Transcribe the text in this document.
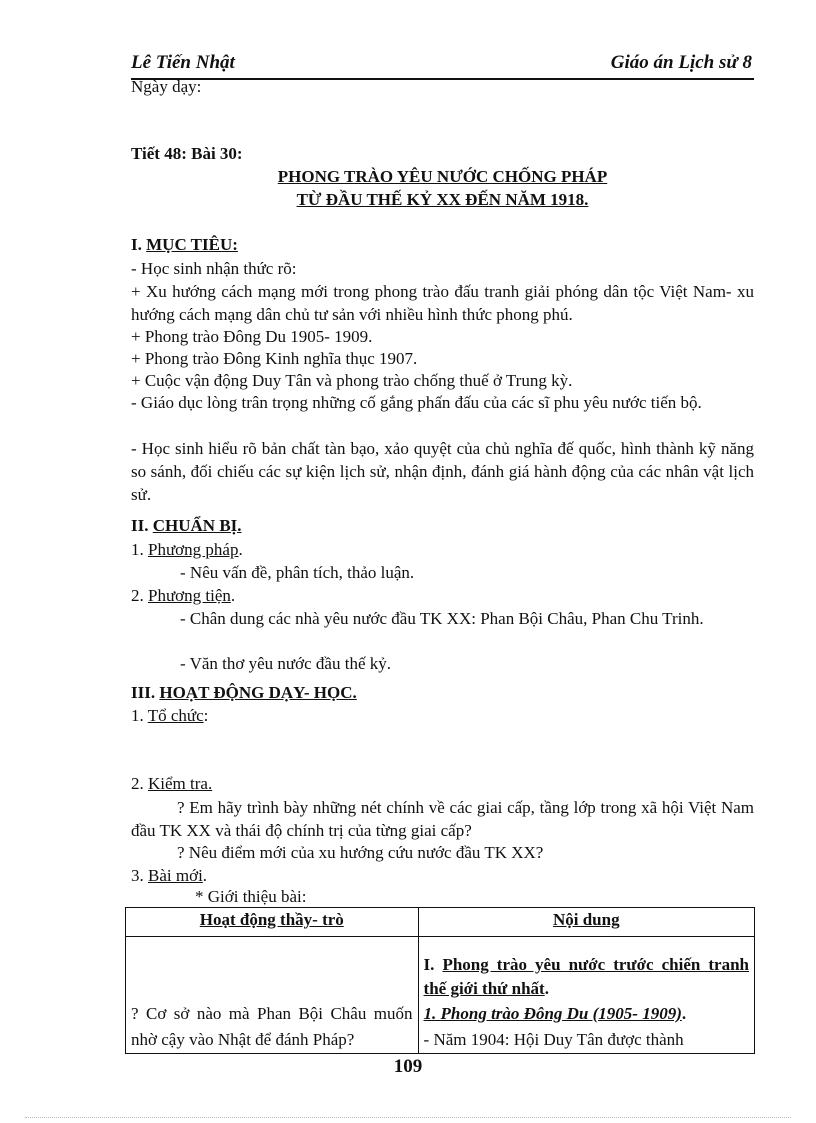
Lê Tiến Nhật	Giáo án Lịch sử 8
Ngày dạy:
Tiết 48: Bài 30:
PHONG TRÀO YÊU NƯỚC CHỐNG PHÁP
TỪ ĐẦU THẾ KỶ XX ĐẾN NĂM 1918.
I. MỤC TIÊU:
- Học sinh nhận thức rõ:
+ Xu hướng cách mạng mới trong phong trào đấu tranh giải phóng dân tộc Việt Nam- xu hướng cách mạng dân chủ tư sản với nhiều hình thức phong phú.
+ Phong trào Đông Du 1905- 1909.
+ Phong trào Đông Kinh nghĩa thục 1907.
+ Cuộc vận động Duy Tân và phong trào chống thuế ở Trung kỳ.
- Giáo dục lòng trân trọng những cố gắng phấn đấu của các sĩ phu yêu nước tiến bộ.
- Học sinh hiểu rõ bản chất tàn bạo, xảo quyệt của chủ nghĩa đế quốc, hình thành kỹ năng so sánh, đối chiếu các sự kiện lịch sử, nhận định, đánh giá hành động của các nhân vật lịch sử.
II. CHUẨN BỊ.
1. Phương pháp.
- Nêu vấn đề, phân tích, thảo luận.
2. Phương tiện.
- Chân dung các nhà yêu nước đầu TK XX: Phan Bội Châu, Phan Chu Trinh.
- Văn thơ yêu nước đầu thế kỷ.
III. HOẠT ĐỘNG DẠY- HỌC.
1. Tổ chức:
2. Kiểm tra.
? Em hãy trình bày những nét chính về các giai cấp, tầng lớp trong xã hội Việt Nam đầu TK XX và thái độ chính trị của từng giai cấp?
? Nêu điểm mới của xu hướng cứu nước đầu TK XX?
3. Bài mới.
* Giới thiệu bài:
Hoạt động thầy- trò	Nội dung
	I. Phong trào yêu nước trước chiến tranh thế giới thứ nhất.

? Cơ sở nào mà Phan Bội Châu muốn nhờ cậy vào Nhật để đánh Pháp?	1. Phong trào Đông Du (1905- 1909).
- Năm 1904: Hội Duy Tân được thành
109
